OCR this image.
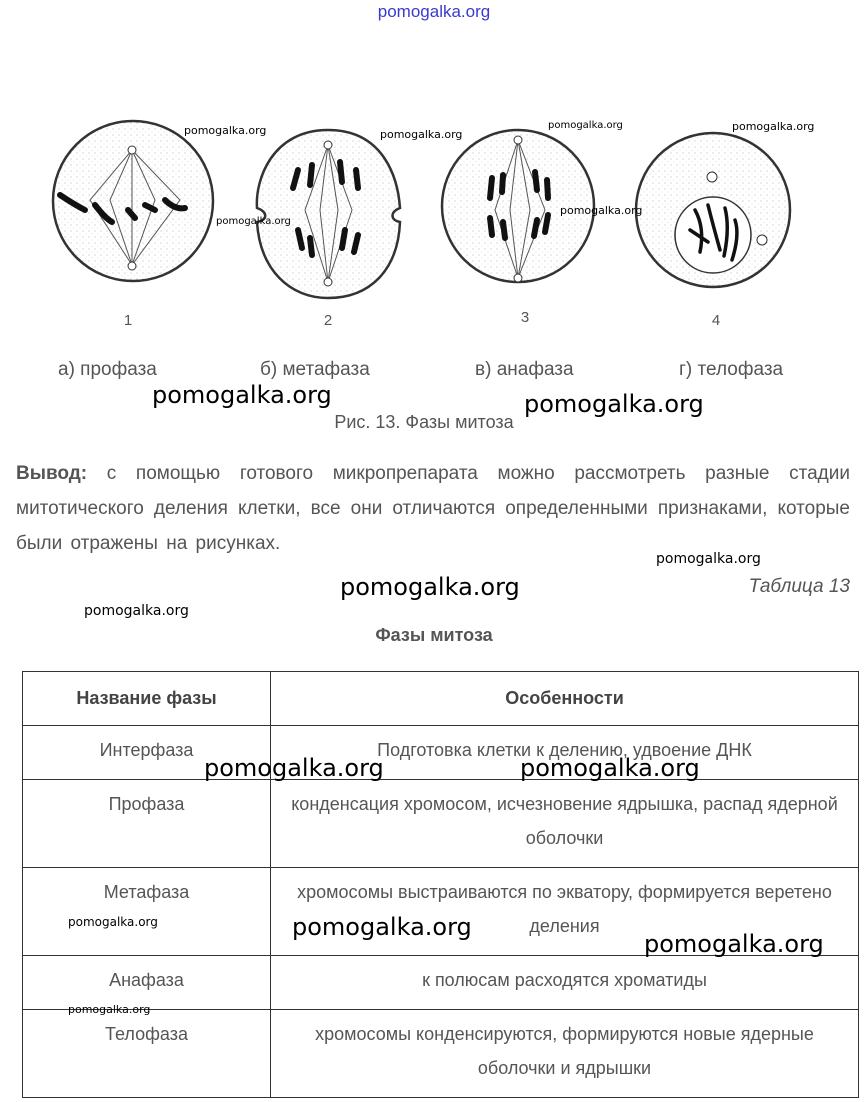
pomogalka.org
1	2	3	4
а) профаза	б) метафаза	в) анафаза	г) телофаза
Рис. 13. Фазы митоза
Вывод: с помощью готового микропрепарата можно рассмотреть разные стадии митотического деления клетки, все они отличаются определенными признаками, которые были отражены на рисунках.
Таблица 13
Фазы митоза
Название фазы	Особенности
Интерфаза	Подготовка клетки к делению, удвоение ДНК
Профаза	конденсация хромосом, исчезновение ядрышка, распад ядерной оболочки
Метафаза	хромосомы выстраиваются по экватору, формируется веретено деления
Анафаза	к полюсам расходятся хроматиды
Телофаза	хромосомы конденсируются, формируются новые ядерные оболочки и ядрышки
pomogalka.org	pomogalka.org
pomogalka.org	pomogalka.org
pomogalka.org
pomogalka.org
pomogalka.org	pomogalka.org
pomogalka.org
pomogalka.org
pomogalka.org
pomogalka.org	pomogalka.org
pomogalka.org	pomogalka.org
pomogalka.org
pomogalka.org
